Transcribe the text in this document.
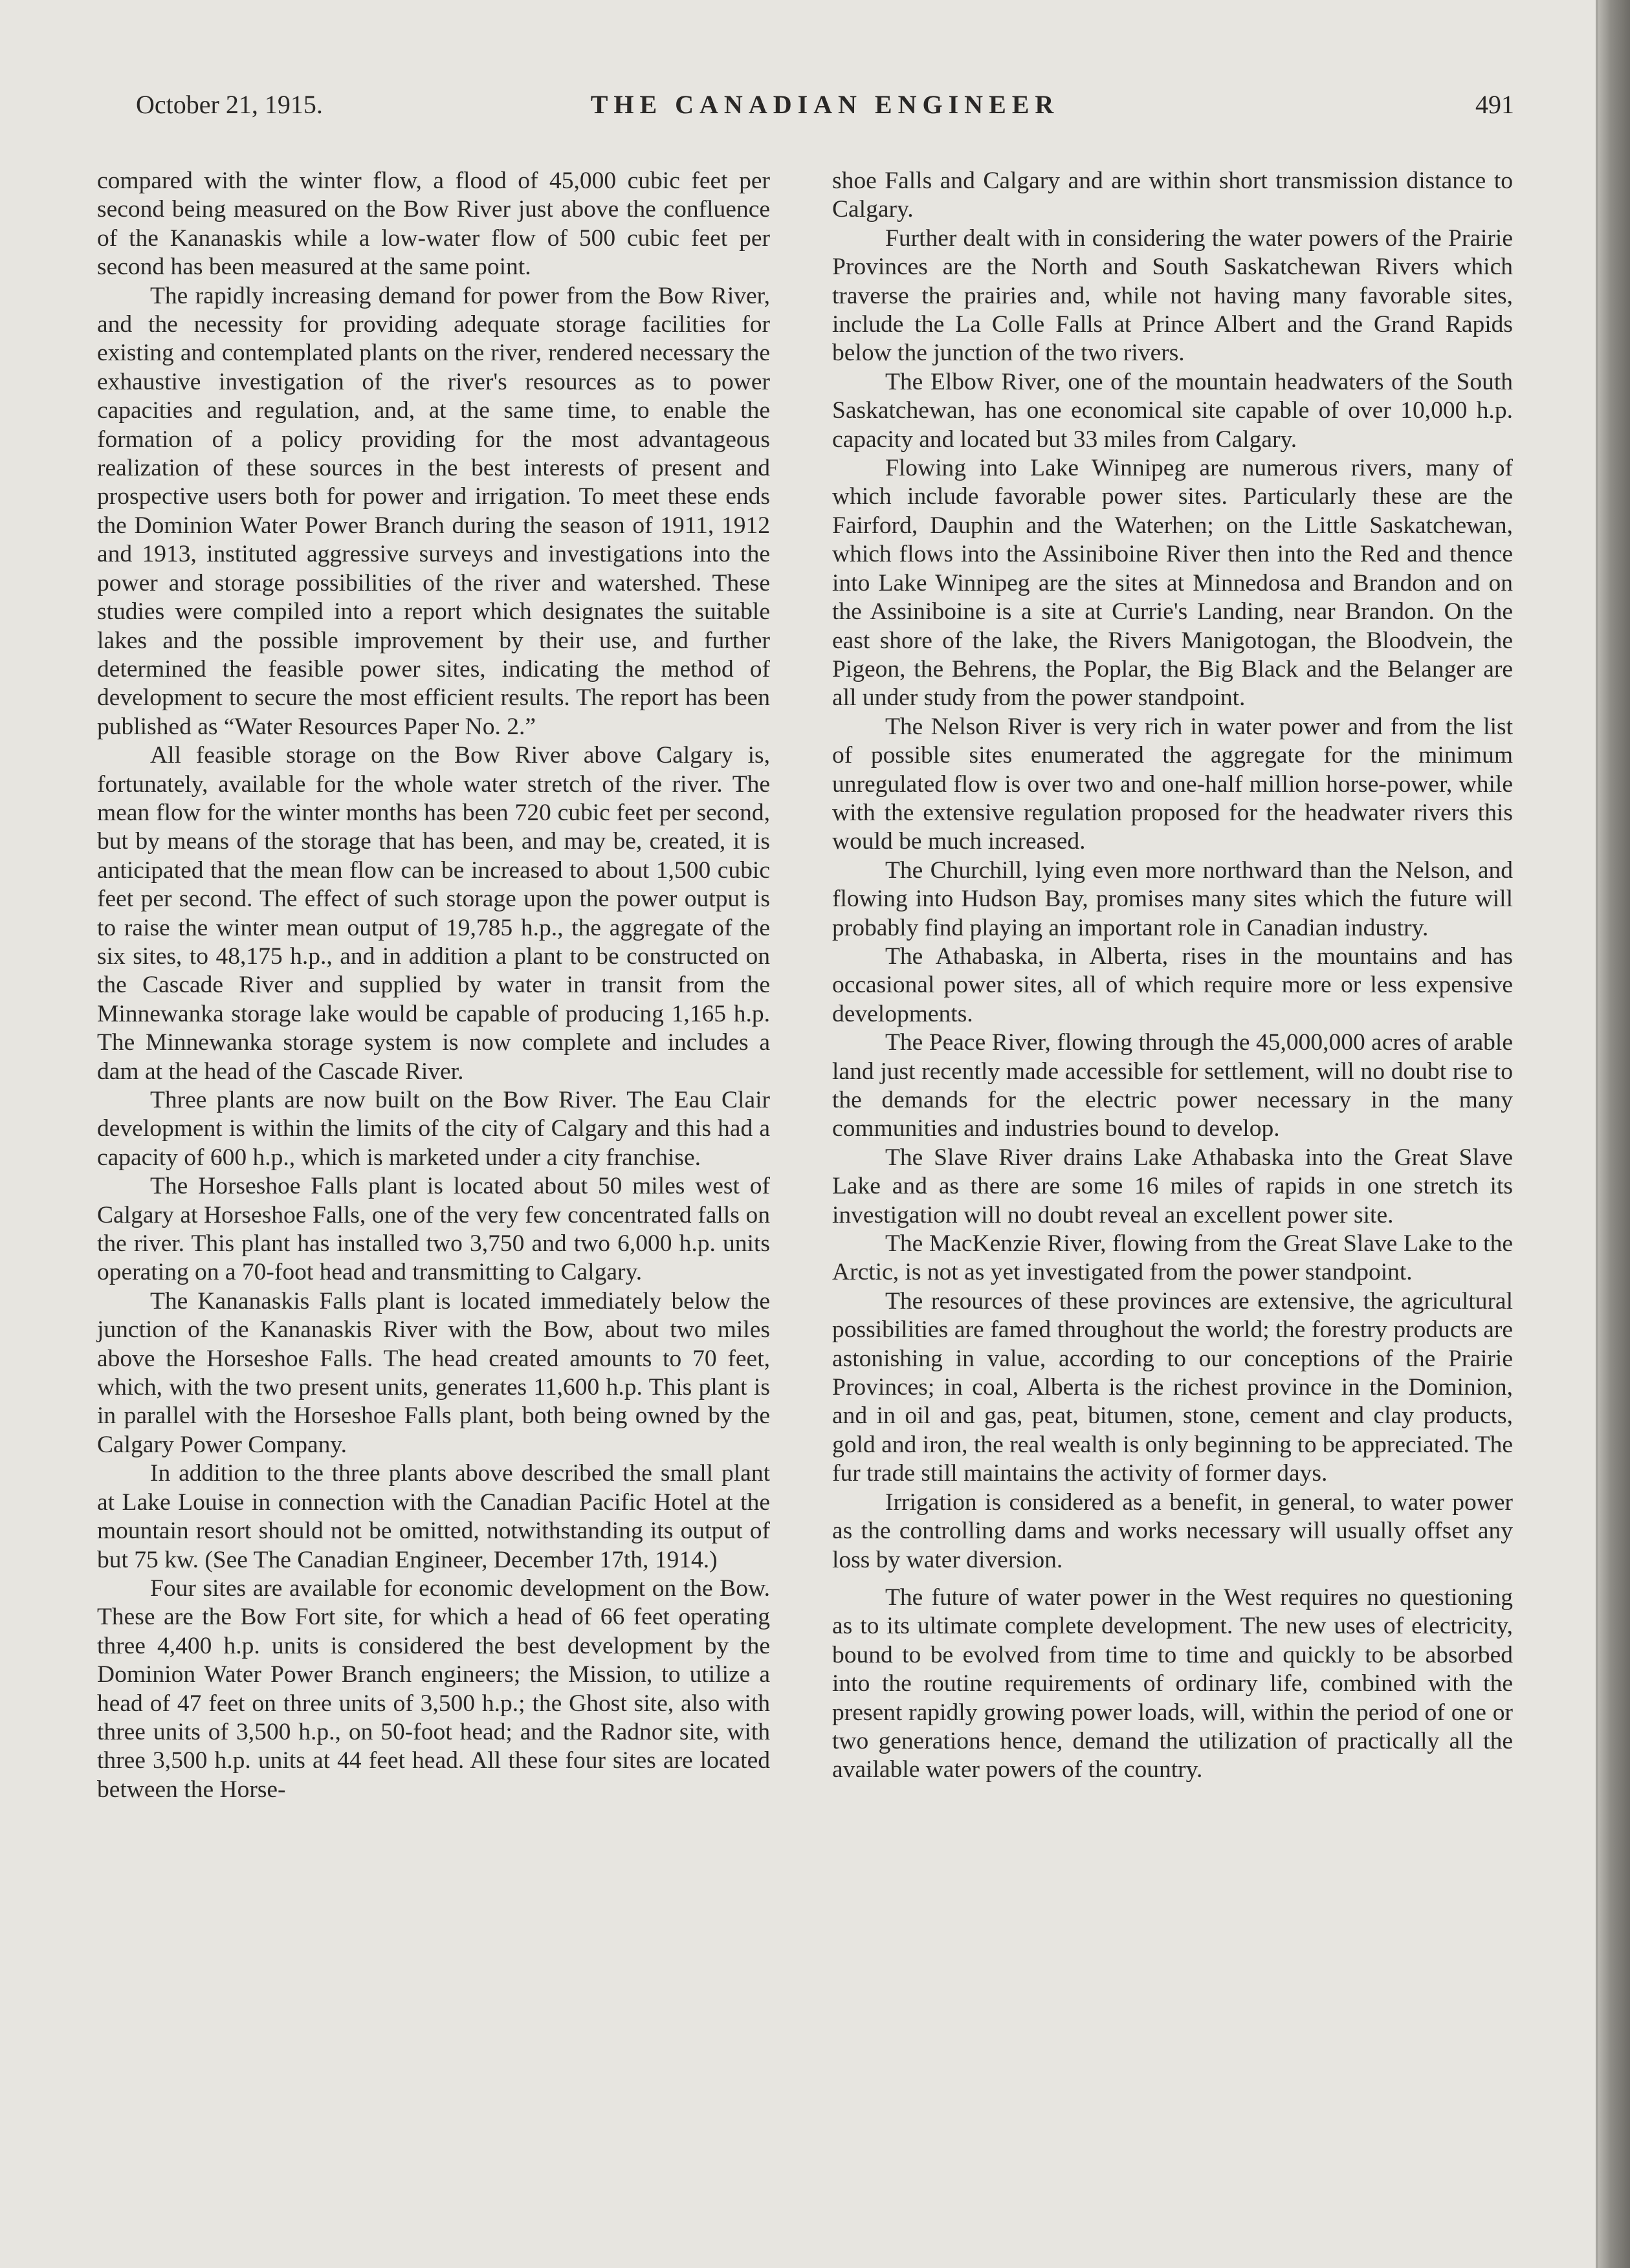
October 21, 1915.	THE CANADIAN ENGINEER	491

compared with the winter flow, a flood of 45,000 cubic feet per second being measured on the Bow River just above the confluence of the Kananaskis while a low-water flow of 500 cubic feet per second has been measured at the same point.

The rapidly increasing demand for power from the Bow River, and the necessity for providing adequate storage facilities for existing and contemplated plants on the river, rendered necessary the exhaustive investigation of the river's resources as to power capacities and regulation, and, at the same time, to enable the formation of a policy providing for the most advantageous realization of these sources in the best interests of present and prospective users both for power and irrigation. To meet these ends the Dominion Water Power Branch during the season of 1911, 1912 and 1913, instituted aggressive surveys and investigations into the power and storage possibilities of the river and watershed. These studies were compiled into a report which designates the suitable lakes and the possible improvement by their use, and further determined the feasible power sites, indicating the method of development to secure the most efficient results. The report has been published as “Water Resources Paper No. 2.”

All feasible storage on the Bow River above Calgary is, fortunately, available for the whole water stretch of the river. The mean flow for the winter months has been 720 cubic feet per second, but by means of the storage that has been, and may be, created, it is anticipated that the mean flow can be increased to about 1,500 cubic feet per second. The effect of such storage upon the power output is to raise the winter mean output of 19,785 h.p., the aggregate of the six sites, to 48,175 h.p., and in addition a plant to be constructed on the Cascade River and supplied by water in transit from the Minnewanka storage lake would be capable of producing 1,165 h.p. The Minnewanka storage system is now complete and includes a dam at the head of the Cascade River.

Three plants are now built on the Bow River. The Eau Clair development is within the limits of the city of Calgary and this had a capacity of 600 h.p., which is marketed under a city franchise.

The Horseshoe Falls plant is located about 50 miles west of Calgary at Horseshoe Falls, one of the very few concentrated falls on the river. This plant has installed two 3,750 and two 6,000 h.p. units operating on a 70-foot head and transmitting to Calgary.

The Kananaskis Falls plant is located immediately below the junction of the Kananaskis River with the Bow, about two miles above the Horseshoe Falls. The head created amounts to 70 feet, which, with the two present units, generates 11,600 h.p. This plant is in parallel with the Horseshoe Falls plant, both being owned by the Calgary Power Company.

In addition to the three plants above described the small plant at Lake Louise in connection with the Canadian Pacific Hotel at the mountain resort should not be omitted, notwithstanding its output of but 75 kw. (See The Canadian Engineer, December 17th, 1914.)

Four sites are available for economic development on the Bow. These are the Bow Fort site, for which a head of 66 feet operating three 4,400 h.p. units is considered the best development by the Dominion Water Power Branch engineers; the Mission, to utilize a head of 47 feet on three units of 3,500 h.p.; the Ghost site, also with three units of 3,500 h.p., on 50-foot head; and the Radnor site, with three 3,500 h.p. units at 44 feet head. All these four sites are located between the Horse-

shoe Falls and Calgary and are within short transmission distance to Calgary.

Further dealt with in considering the water powers of the Prairie Provinces are the North and South Saskatchewan Rivers which traverse the prairies and, while not having many favorable sites, include the La Colle Falls at Prince Albert and the Grand Rapids below the junction of the two rivers.

The Elbow River, one of the mountain headwaters of the South Saskatchewan, has one economical site capable of over 10,000 h.p. capacity and located but 33 miles from Calgary.

Flowing into Lake Winnipeg are numerous rivers, many of which include favorable power sites. Particularly these are the Fairford, Dauphin and the Waterhen; on the Little Saskatchewan, which flows into the Assiniboine River then into the Red and thence into Lake Winnipeg are the sites at Minnedosa and Brandon and on the Assiniboine is a site at Currie's Landing, near Brandon. On the east shore of the lake, the Rivers Manigotogan, the Bloodvein, the Pigeon, the Behrens, the Poplar, the Big Black and the Belanger are all under study from the power standpoint.

The Nelson River is very rich in water power and from the list of possible sites enumerated the aggregate for the minimum unregulated flow is over two and one-half million horse-power, while with the extensive regulation proposed for the headwater rivers this would be much increased.

The Churchill, lying even more northward than the Nelson, and flowing into Hudson Bay, promises many sites which the future will probably find playing an important role in Canadian industry.

The Athabaska, in Alberta, rises in the mountains and has occasional power sites, all of which require more or less expensive developments.

The Peace River, flowing through the 45,000,000 acres of arable land just recently made accessible for settlement, will no doubt rise to the demands for the electric power necessary in the many communities and industries bound to develop.

The Slave River drains Lake Athabaska into the Great Slave Lake and as there are some 16 miles of rapids in one stretch its investigation will no doubt reveal an excellent power site.

The MacKenzie River, flowing from the Great Slave Lake to the Arctic, is not as yet investigated from the power standpoint.

The resources of these provinces are extensive, the agricultural possibilities are famed throughout the world; the forestry products are astonishing in value, according to our conceptions of the Prairie Provinces; in coal, Alberta is the richest province in the Dominion, and in oil and gas, peat, bitumen, stone, cement and clay products, gold and iron, the real wealth is only beginning to be appreciated. The fur trade still maintains the activity of former days.

Irrigation is considered as a benefit, in general, to water power as the controlling dams and works necessary will usually offset any loss by water diversion.

The future of water power in the West requires no questioning as to its ultimate complete development. The new uses of electricity, bound to be evolved from time to time and quickly to be absorbed into the routine requirements of ordinary life, combined with the present rapidly growing power loads, will, within the period of one or two generations hence, demand the utilization of practically all the available water powers of the country.
